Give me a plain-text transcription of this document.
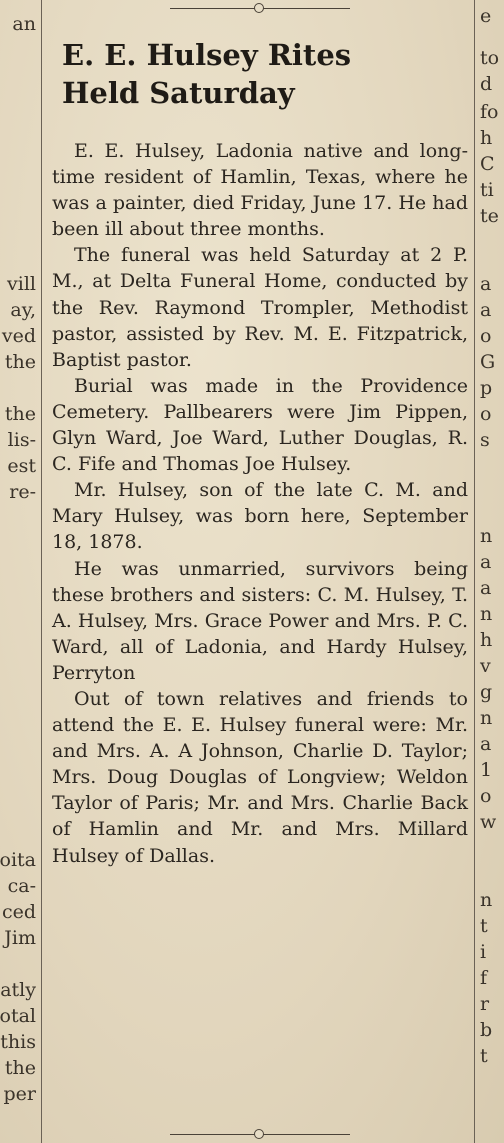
an
vill
ay,
ved
the
the
lis-
est
re-
oita
ca-
ced
Jim
atly
otal
this
the
per
E. E. Hulsey Rites
Held Saturday

E. E. Hulsey, Ladonia native and long-time resident of Hamlin, Texas, where he was a painter, died Friday, June 17. He had been ill about three months.

The funeral was held Saturday at 2 P. M., at Delta Funeral Home, conducted by the Rev. Raymond Trompler, Methodist pastor, assisted by Rev. M. E. Fitzpatrick, Baptist pastor.

Burial was made in the Providence Cemetery. Pallbearers were Jim Pippen, Glyn Ward, Joe Ward, Luther Douglas, R. C. Fife and Thomas Joe Hulsey.

Mr. Hulsey, son of the late C. M. and Mary Hulsey, was born here, September 18, 1878.

He was unmarried, survivors being these brothers and sisters: C. M. Hulsey, T. A. Hulsey, Mrs. Grace Power and Mrs. P. C. Ward, all of Ladonia, and Hardy Hulsey, Perryton

Out of town relatives and friends to attend the E. E. Hulsey funeral were: Mr. and Mrs. A. A Johnson, Charlie D. Taylor; Mrs. Doug Douglas of Longview; Weldon Taylor of Paris; Mr. and Mrs. Charlie Back of Hamlin and Mr. and Mrs. Millard Hulsey of Dallas.

e
to
d
fo
h
C
ti
te
a
a
o
G
p
o
s
n
a
a
n
h
v
g
n
a
1
o
w
n
t
i
f
r
b
t
